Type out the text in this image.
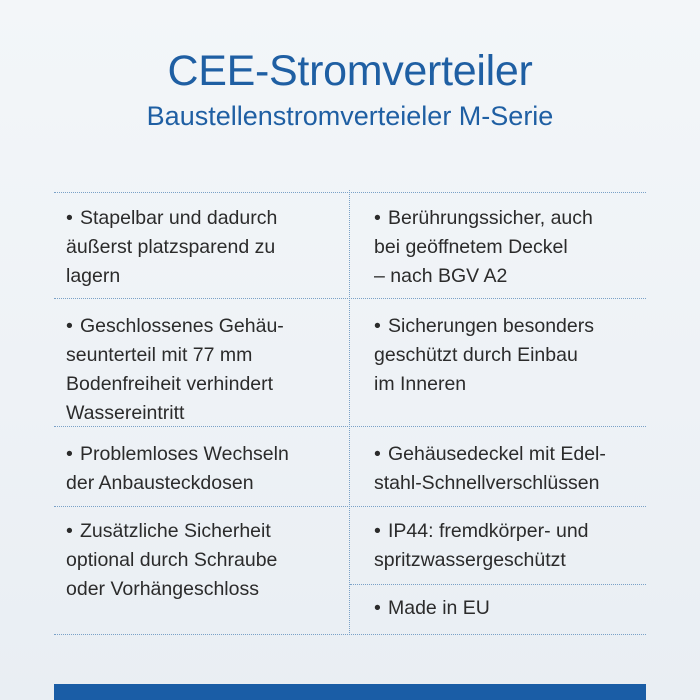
CEE-Stromverteiler
Baustellenstromverteieler M-Serie
• Stapelbar und dadurch
äußerst platzsparend zu
lagern
• Geschlossenes Gehäu-
seunterteil mit 77 mm
Bodenfreiheit verhindert
Wassereintritt
• Problemloses Wechseln
der Anbausteckdosen
• Zusätzliche Sicherheit
optional durch Schraube
oder Vorhängeschloss
• Berührungssicher, auch
bei geöffnetem Deckel
– nach BGV A2
• Sicherungen besonders
geschützt durch Einbau
im Inneren
• Gehäusedeckel mit Edel-
stahl-Schnellverschlüssen
• IP44: fremdkörper- und
spritzwassergeschützt
• Made in EU
